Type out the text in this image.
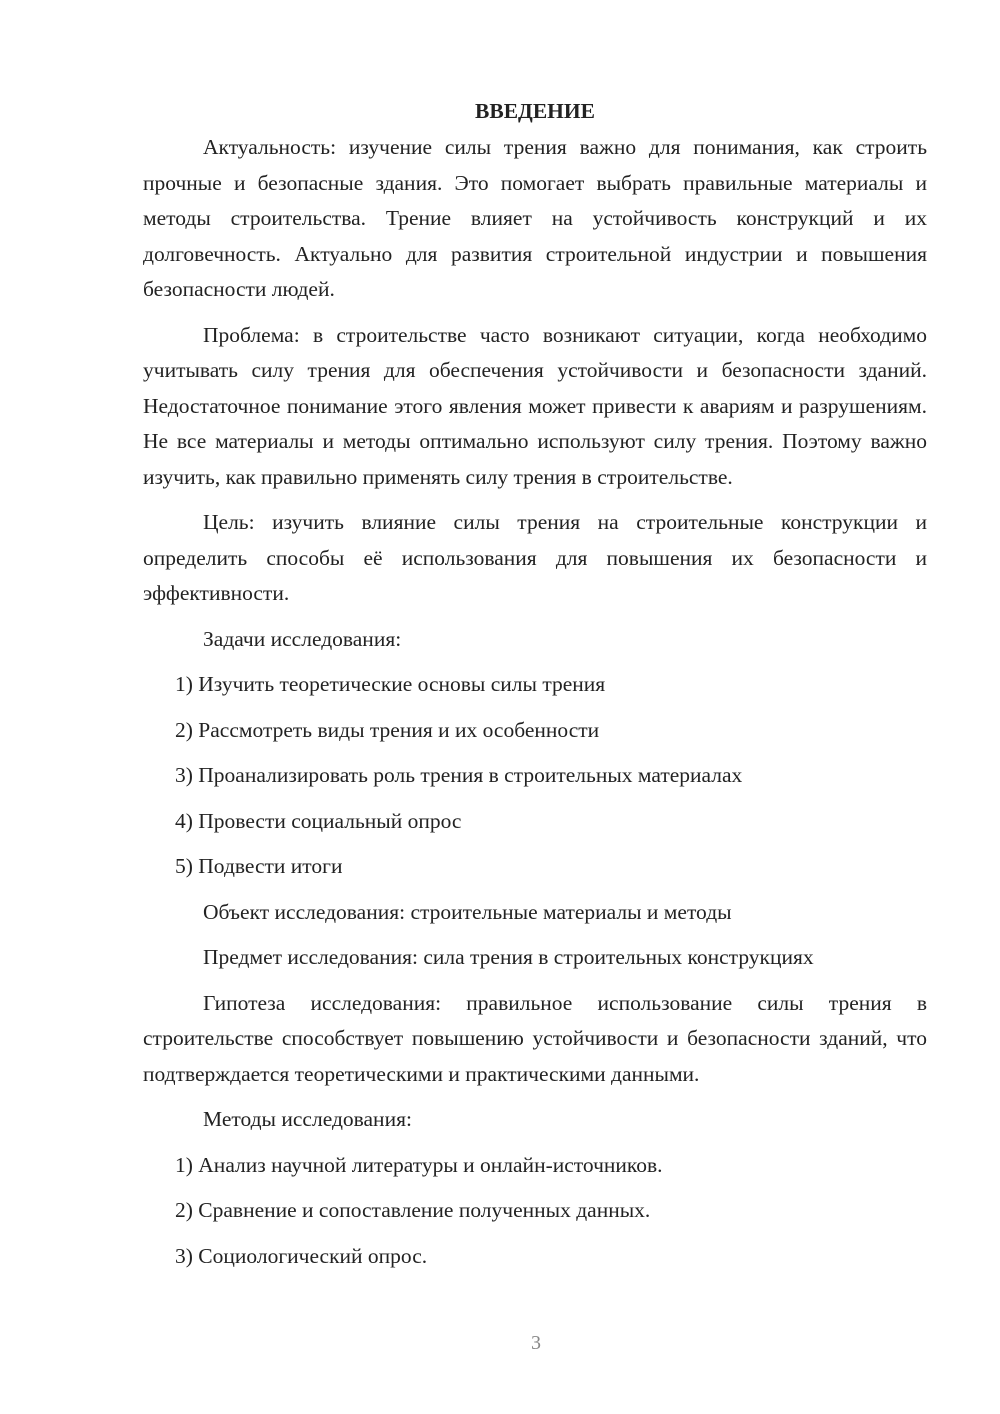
ВВЕДЕНИЕ

Актуальность: изучение силы трения важно для понимания, как строить прочные и безопасные здания. Это помогает выбрать правильные материалы и методы строительства. Трение влияет на устойчивость конструкций и их долговечность. Актуально для развития строительной индустрии и повышения безопасности людей.

Проблема: в строительстве часто возникают ситуации, когда необходимо учитывать силу трения для обеспечения устойчивости и безопасности зданий. Недостаточное понимание этого явления может привести к авариям и разрушениям. Не все материалы и методы оптимально используют силу трения. Поэтому важно изучить, как правильно применять силу трения в строительстве.

Цель: изучить влияние силы трения на строительные конструкции и определить способы её использования для повышения их безопасности и эффективности.

Задачи исследования:

1) Изучить теоретические основы силы трения

2) Рассмотреть виды трения и их особенности

3) Проанализировать роль трения в строительных материалах

4) Провести социальный опрос

5) Подвести итоги

Объект исследования: строительные материалы и методы

Предмет исследования: сила трения в строительных конструкциях

Гипотеза исследования: правильное использование силы трения в строительстве способствует повышению устойчивости и безопасности зданий, что подтверждается теоретическими и практическими данными.

Методы исследования:

1) Анализ научной литературы и онлайн-источников.

2) Сравнение и сопоставление полученных данных.

3) Социологический опрос.

3
